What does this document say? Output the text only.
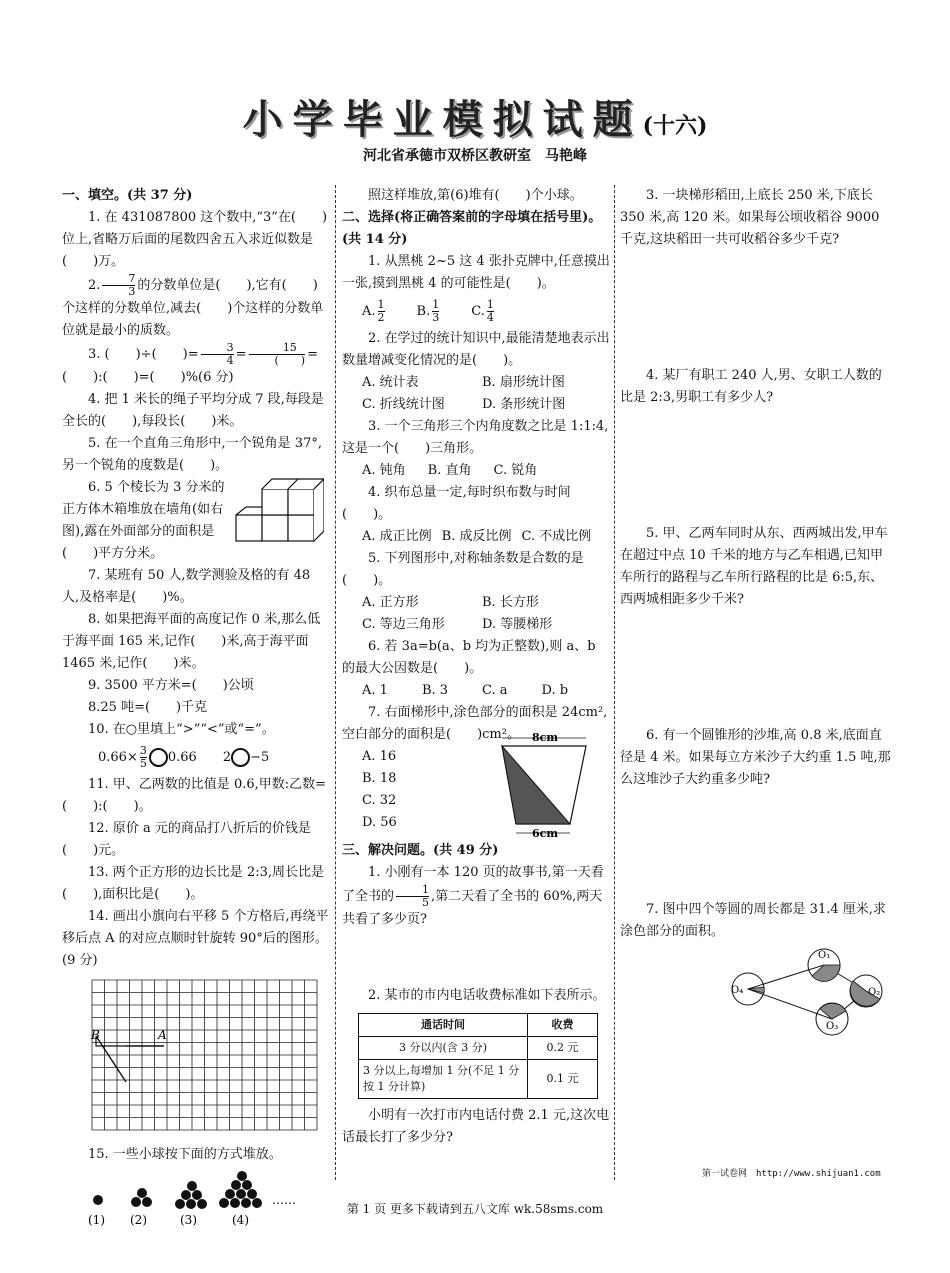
小学毕业模拟试题(十六)
河北省承德市双桥区教研室　马艳峰

一、填空。(共 37 分)

1. 在 431087800 这个数中,“3”在(　　)位上,省略万后面的尾数四舍五入求近似数是(　　)万。

2. $\frac{7}{3}$ 的分数单位是(　　),它有(　　)个这样的分数单位,减去(　　)个这样的分数单位就是最小的质数。

3. (　　)÷(　　)= $\frac{3}{4} = \frac{15}{( )}$ =(　　):(　　)=(　　)%(6 分)

4. 把 1 米长的绳子平均分成 7 段,每段是全长的(　　),每段长(　　)米。

5. 在一个直角三角形中,一个锐角是 37°,另一个锐角的度数是(　　)。

6. 5 个棱长为 3 分米的正方体木箱堆放在墙角(如右图),露在外面部分的面积是(　　)平方分米。

7. 某班有 50 人,数学测验及格的有 48 人,及格率是(　　)%。

8. 如果把海平面的高度记作 0 米,那么低于海平面 165 米,记作(　　)米,高于海平面 1465 米,记作(　　)米。

9. 3500 平方米=(　　)公顷

8.25 吨=(　　)千克

10. 在○里填上“>”“<”或“=”。

$0.66\times \frac{3}{5} 0.66$　　 2 −5

11. 甲、乙两数的比值是 0.6,甲数:乙数=(　　):(　　)。

12. 原价 a 元的商品打八折后的价钱是(　　)元。

13. 两个正方形的边长比是 2:3,周长比是(　　),面积比是(　　)。

14. 画出小旗向右平移 5 个方格后,再绕平移后点 A 的对应点顺时针旋转 90°后的图形。(9 分)

B	A

15. 一些小球按下面的方式堆放。

……
(1) (2)	(3)	(4)

照这样堆放,第(6)堆有(　　)个小球。

二、选择(将正确答案前的字母填在括号里)。(共 14 分)

1. 从黑桃 2~5 这 4 张扑克牌中,任意摸出一张,摸到黑桃 4 的可能性是(　　)。

A. $\frac{1}{2} B$. $\frac{1}{3} C$. $\frac{1}{4}$

2. 在学过的统计知识中,最能清楚地表示出数量增减变化情况的是(　　)。

A. 统计表	B. 扇形统计图
C. 折线统计图	D. 条形统计图

3. 一个三角形三个内角度数之比是 1:1:4,这是一个(　　)三角形。

A. 钝角 B. 直角 C. 锐角

4. 织布总量一定,每时织布数与时间(　　)。

A. 成正比例 B. 成反比例 C. 不成比例

5. 下列图形中,对称轴条数是合数的是(　　)。

A. 正方形	B. 长方形
C. 等边三角形	D. 等腰梯形

6. 若 3a=b(a、b 均为正整数),则 a、b 的最大公因数是(　　)。

A. 1	B. 3	C. a	D. b

7. 右面梯形中,涂色部分的面积是 24cm²,空白部分的面积是(　　)cm²。

A. 16

B. 18

C. 32

D. 56

8cm
6cm

三、解决问题。(共 49 分)

1. 小刚有一本 120 页的故事书,第一天看了全书的 $\frac{1}{5}$ ,第二天看了全书的 60%,两天共看了多少页?

2. 某市的市内电话收费标准如下表所示。

通话时间	收费
3 分以内(含 3 分)	0.2 元
3 分以上,每增加 1 分(不足 1 分按 1 分计算)	0.1 元

小明有一次打市内电话付费 2.1 元,这次电话最长打了多少分?

3. 一块梯形稻田,上底长 250 米,下底长 350 米,高 120 米。如果每公顷收稻谷 9000 千克,这块稻田一共可收稻谷多少千克?

4. 某厂有职工 240 人,男、女职工人数的比是 2:3,男职工有多少人?

5. 甲、乙两车同时从东、西两城出发,甲车在超过中点 10 千米的地方与乙车相遇,已知甲车所行的路程与乙车所行路程的比是 6:5,东、西两城相距多少千米?

6. 有一个圆锥形的沙堆,高 0.8 米,底面直径是 4 米。如果每立方米沙子大约重 1.5 吨,那么这堆沙子大约重多少吨?

7. 图中四个等圆的周长都是 31.4 厘米,求涂色部分的面积。

O₁
O₂
O₃
O₄
第一试卷网　http://www.shijuan1.com
第 1 页 更多下载请到五八文库 wk.58sms.com
